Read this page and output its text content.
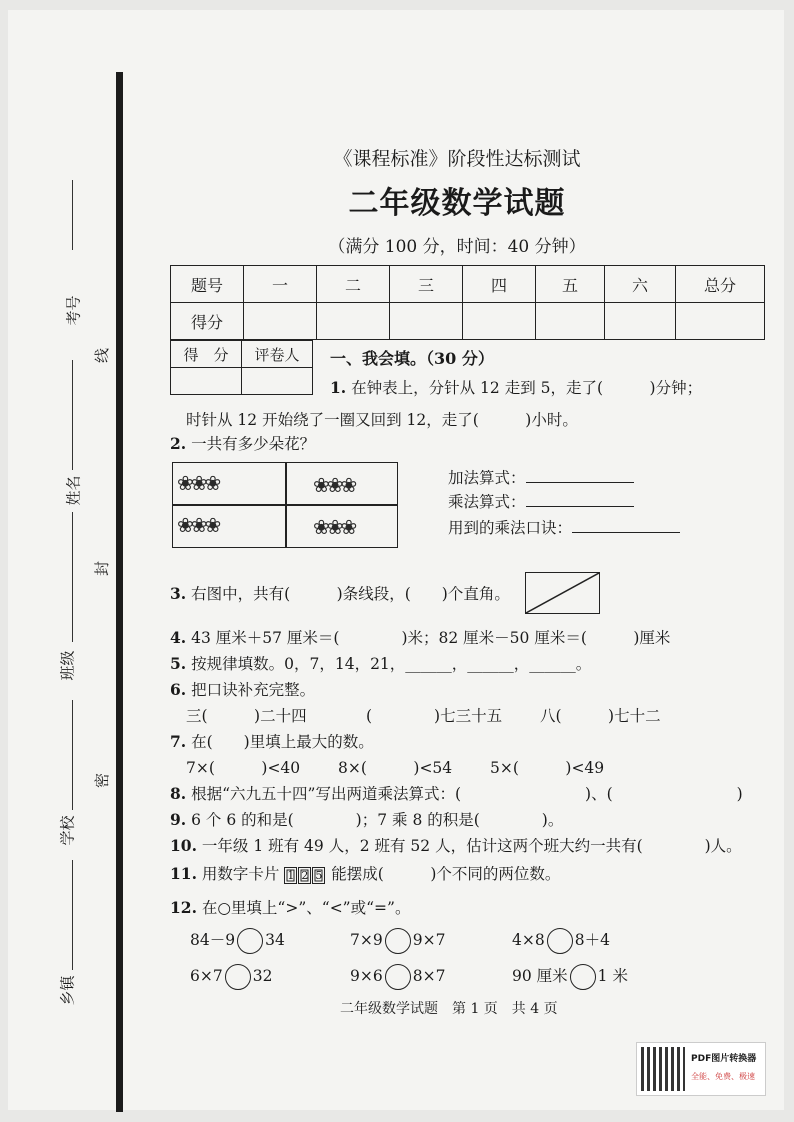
考号
线
姓名
封
班级
密
学校
乡镇
《课程标准》阶段性达标测试
二年级数学试题
（满分 100 分，时间：40 分钟）
题号	一	二	三	四	五	六	总分
得分							
得　分	评卷人
	一、我会填。（30 分）
1. 在钟表上，分针从 12 走到 5，走了(　　　)分钟；
时针从 12 开始绕了一圈又回到 12，走了(　　　)小时。
2. 一共有多少朵花？
❀❀❀	❀❀❀
❀❀❀	❀❀❀
加法算式：
乘法算式：
用到的乘法口诀：
3. 右图中，共有(　　　)条线段，(　　)个直角。
4. 43 厘米＋57 厘米＝(　　　　)米；82 厘米－50 厘米＝(　　　)厘米
5. 按规律填数。0，7，14，21，______，______，______。
6. 把口诀补充完整。
三(　　　)二十四	(　　　　)七三十五 八(　　　)七十二
7. 在(　　)里填上最大的数。
7×(　　　)<40 8×(　　　)<54 5×(　　　)<49
8. 根据“六九五十四”写出两道乘法算式：(　　　　　　　　)、(　　　　　　　　)
9. 6 个 6 的和是(　　　　)；7 乘 8 的积是(　　　　)。
10. 一年级 1 班有 49 人，2 班有 52 人，估计这两个班大约一共有(　　　　)人。
11. 用数字卡片 1 2 5 能摆成(　　　)个不同的两位数。
12. 在○里填上“>”、“<”或“=”。
84－9 34	7×9 9×7	4×8 8＋4
6×7 32	9×6 8×7	90 厘米 1 米
二年级数学试题　第 1 页　共 4 页
PDF图片转换器
全能、免费、极速
